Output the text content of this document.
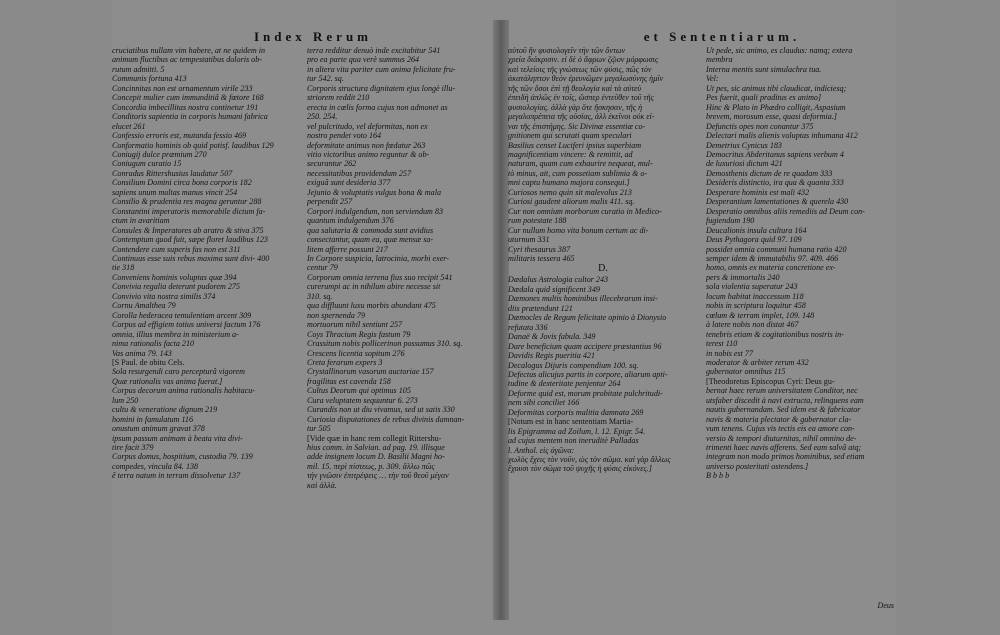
Index Rerum
cruciatibus nullam vim habere, at ne quidem in
animum fluctibus ac tempestatibus doloris ob-
rutum admitti. 5
Communis fortuna 413
Concinnitas non est ornamentum virile 233
Concepit mulier cum immunditiâ & fœtore 168
Concordia imbecillitas nostra continetur 191
Conditoris sapientia in corporis humani fabrica
elucet 261
Confessio erroris est, mutanda fessio 469
Conformatio hominis ob quid potisf. laudibus 129
Coniugij dulce præmium 270
Coniugum curatio 15
Conradus Rittershusius laudatur 507
Consilium Domini circa bona corporis 182
sapiens unum multas manus vincit 254
Consilio & prudentia res magna geruntur 288
Constantini imperatoris memorabile dictum fa-
ctum in avaritiam
Consules & Imperatores ab aratro & stiva 375
Contemptum quod fuit, sæpe floret laudibus 123
Contendere cum superis fas non est 311
Continuus esse suis rebus maxima sunt divi- 400
tie 318
Conveniens hominis voluptas quæ 394
Convivia regalia deterunt pudorem 275
Convivio vita nostra similis 374
Cornu Amalthea 79
Corolla hederacea temulentiam arcent 309
Corpus ad effigiem totius universi factum 176
omnia, illius membra in ministerium a-
nima rationalis facta 210
Vas anima 79. 143
[S Paul. de obitu Cels.
Sola resurgendi caro percepturâ vigorem
Quæ rationalis vas anima fuerat.]
Corpus decorum anima rationalis habitacu-
lum 250
cultu & veneratione dignum 219
homini in famulatum 116
onustum animum gravat 378
ipsum passum animam à beata vita divi-
tire facit 379
Corpus domus, hospitium, custodia 79. 139
compedes, vincula 84. 138
ê terra natum in terram dissolvetur 137
terra redditur denuò inde excitabitur 541
pro ea parte qua verè summus 264
in altera vita pariter cum anima felicitate fru-
tur 542. sq.
Corporis structura dignitatem ejus longè illu-
striorem reddit 210
erecta in cœlis forma cujus non admonet as
250. 254.
vel pulcritudo, vel deformitas, non ex
nostro pendet voto 164
deformitate animus non fœdatur 263
vitio victoribus animo reguntur & ob-
securantur 262
necessitatibus providendum 257
exiguâ sunt desideria 377
Jejunio & voluptatis vulgus bona & mala
perpendit 257
Corpori indulgendum, non serviendum 83
quantum indulgendum 376
qua salutaria & commoda sunt avidius
consectantur, quam ea, quæ mensæ sa-
litem afferre possunt 217
In Corpore suspicia, latrocinia, morbi exer-
centur 79
Corporum omnia terrena fius suo recipit 541
curerumpi ac in nihilum abire necesse sit
310. sq.
qua diffluunt luxu morbis abundant 475
non spernenda 79
mortuorum nihil sentiunt 257
Coys Thracium Regis fastum 79
Crassitum nobis pollicerinon possumus 310. sq.
Crescens licentia sopitum 276
Creta ferarum expers 3
Crystallinorum vasorum auctoriae 157
fragilitas est cavenda 158
Cultus Deorum qui optimus 105
Cura veluptatem sequuntur 6. 273
Curandis non ut diu vivamus, sed ut satis 330
Curiosia disputationes de rebus divinis damnan-
tur 505
[Vide quæ in hanc rem collegit Rittershu-
hius comm. in Salvian. ad pag. 19. illisque
adde insignem locum D. Basilii Magni ho-
mil. 15. περὶ πίστεως, p. 309. ἄλλω πῶς
τὴν γνῶσιν ἐπιτρέψεις … τὴν τοῦ θεοῦ μέγαν
καὶ ἀλλὰ.
et Sententiarum.
αὐτοῦ ἤν φυσιολογεῖν τὴν τῶν ὄντων
χρεία διάκρισιν. εἰ δὲ ὁ ἄφρων ζῷον μόρφωσις
καὶ τελείοις τῆς γνώσεως τῶν φύσις, πῶς τὸν
ἀκατάληπτον θεὸν ἐρευνῶμεν μεγαλωσύνης ἡμῖν
τῆς τῶν ὅσοι ἐπὶ τῇ θεολογία καὶ τὰ αὐτεὐ
ἐπειδὴ ἀπλῶς ἐν τοῖς, ὥσπερ ἐντεῦθεν τοῦ τῆς
φυσιολογίας. ἀλλὰ γὰρ ὅτε ἤσκησαν, τῆς ἡ
μεγαλοπρέπεια τῆς οὐσίας, ἀλλ ἐκεῖνοι οὐκ εἰ-
ναι τῆς ἐπιστήμης. Sic Divinæ essentiæ co-
gnitionem qui scrutati quam speculari
Basilius censet Luciferi ipsius superbiam
magnificentiam vincere: & remittit, ad
naturam, quam cum exhaurire nequeat, mul-
tò minus, ait, cum possetiam sublimia & o-
mni captu humano majora consequi.]
Curiosos nemo quin sit malevolus 213
Curiosi gaudent aliorum malis 411. sq.
Cur non omnium morborum curatio in Medico-
rum potestate 188
Cur nullum homo vita bonum certum ac di-
uturnum 331
Cyri thesaurus 387
militaris tessera 465
D.
Dædalus Astrologia cultor 243
Dædala quid significent 349
Dæmones multis hominibus illecebrarum insi-
diis prætendunt 121
Dæmocles de Regum felicitate opinio à Dionysio
refutata 336
Danaë & Jovis fabula. 349
Dare beneficium quam accipere præstantius 96
Davidis Regis pueritia 421
Decalogus Dijuris compendium 100. sq.
Defectus alicujus partis in corpore, aliarum apti-
tudine & dexteritate penjentur 264
Deforme quid est, morum probitate pulchritudi-
nem sibi conciliet 166
Deformitas corporis malitia damnata 269
[Notum est in hanc sententiam Martia-
lis Epigramma ad Zoilum, l. 12. Epigr. 54.
ad cujus mentem non ineruditè Palladas
l. Anthol. εἰς ἀγῶνα:
χωλὸς ἔχεις τὸν νοῦν, ὡς τὸν σῶμα. καὶ γὰρ ἄλλως
ἔχουσι τὸν σῶμα τοῦ ψυχῆς ἡ φύσις εἰκόνες.]
Ut pede, sic animo, es claudus: namq; extera
membra
Interna mentis sunt simulachra tua.
Vel:
Ut pes, sic animus tibi claudicat, indiciesq;
Pes fuerit, quali praditus es animo]
Hinc & Plato in Phædro colligit, Aspasium
brevem, morosum esse, quasi deformia.]
Defunctis opes non conantur 375
Delectari malis alienis voluptas inhumana 412
Demetrius Cynicus 183
Democritus Abderitanus sapiens verbum 4
de luxuriosi dictum 421
Demosthenis dictum de re quadam 333
Desideris distinctio, ira qua & quanta 333
Desperare hominis est mali 432
Desperantium lamentationes & querela 430
Desperatio omnibus aliis remediis ad Deum con-
fugiendum 190
Deucalionis insula cultura 164
Deus Pythagora quid 97. 109
possidet omnia communi humana ratio 420
semper idem & immutabilis 97. 409. 466
homo, omnis ex materia concretione ex-
pers & immortalis 240
sola violentia superatur 243
locum habitat inaccessum 118
nobis in scriptura loquitur 458
cœlum & terram implet, 109. 148
à latere nobis non distat 467
tenebris etiam & cogitationibus nostris in-
terest 110
in nobis est 77
moderator & arbiter rerum 432
gubernator omnibus 115
[Theodoretus Episcopus Cyri: Deus gu-
bernat haec rerum universitatem Conditor, nec
utsfaber discedit à navi extructa, relinquens eam
nautis gubernandam. Sed idem est & fabricator
navis & materia plectator & gubernator cla-
vum tenens. Cujus vis tectis eis ea amore con-
versio & tempori diuturnitas, nihil omnino de-
trimenti haec navis afferens. Sed eam salvâ atq;
integram non modo primos hominibus, sed etiam
universo posteritati ostendens.]
B b b b
Deus
